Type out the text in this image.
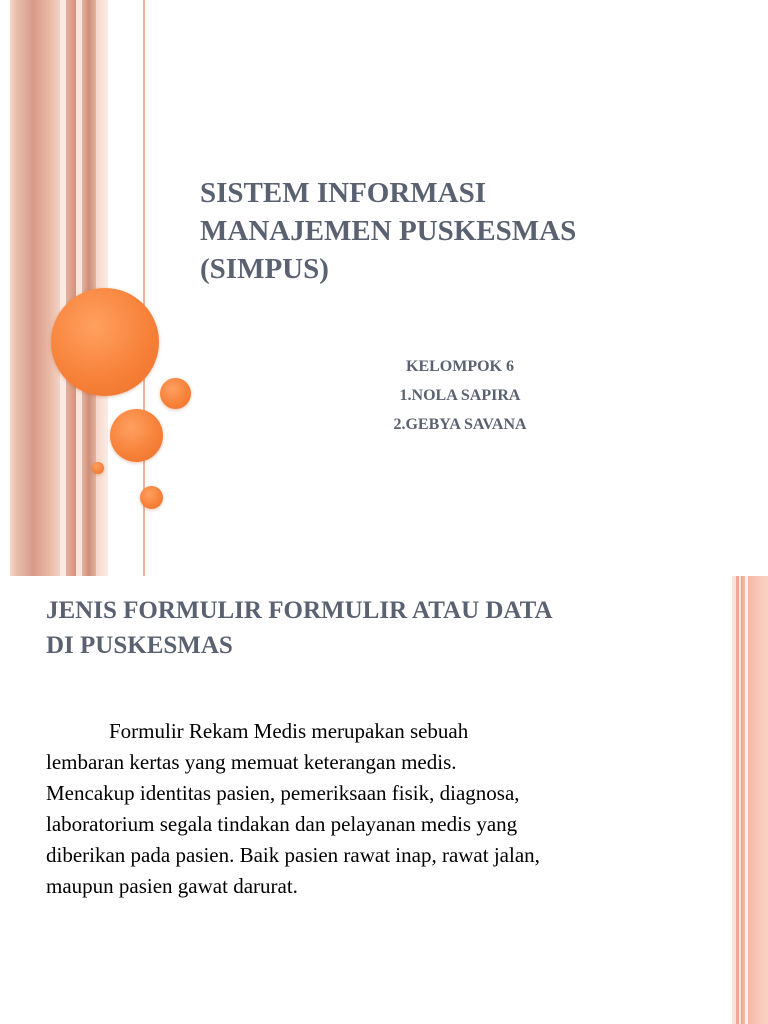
SISTEM INFORMASI
MANAJEMEN PUSKESMAS
(SIMPUS)
KELOMPOK 6
1.NOLA SAPIRA
2.GEBYA SAVANA
JENIS FORMULIR FORMULIR ATAU DATA
DI PUSKESMAS
Formulir Rekam Medis merupakan sebuah
lembaran kertas yang memuat keterangan medis.
Mencakup identitas pasien, pemeriksaan fisik, diagnosa,
laboratorium segala tindakan dan pelayanan medis yang
diberikan pada pasien. Baik pasien rawat inap, rawat jalan,
maupun pasien gawat darurat.
